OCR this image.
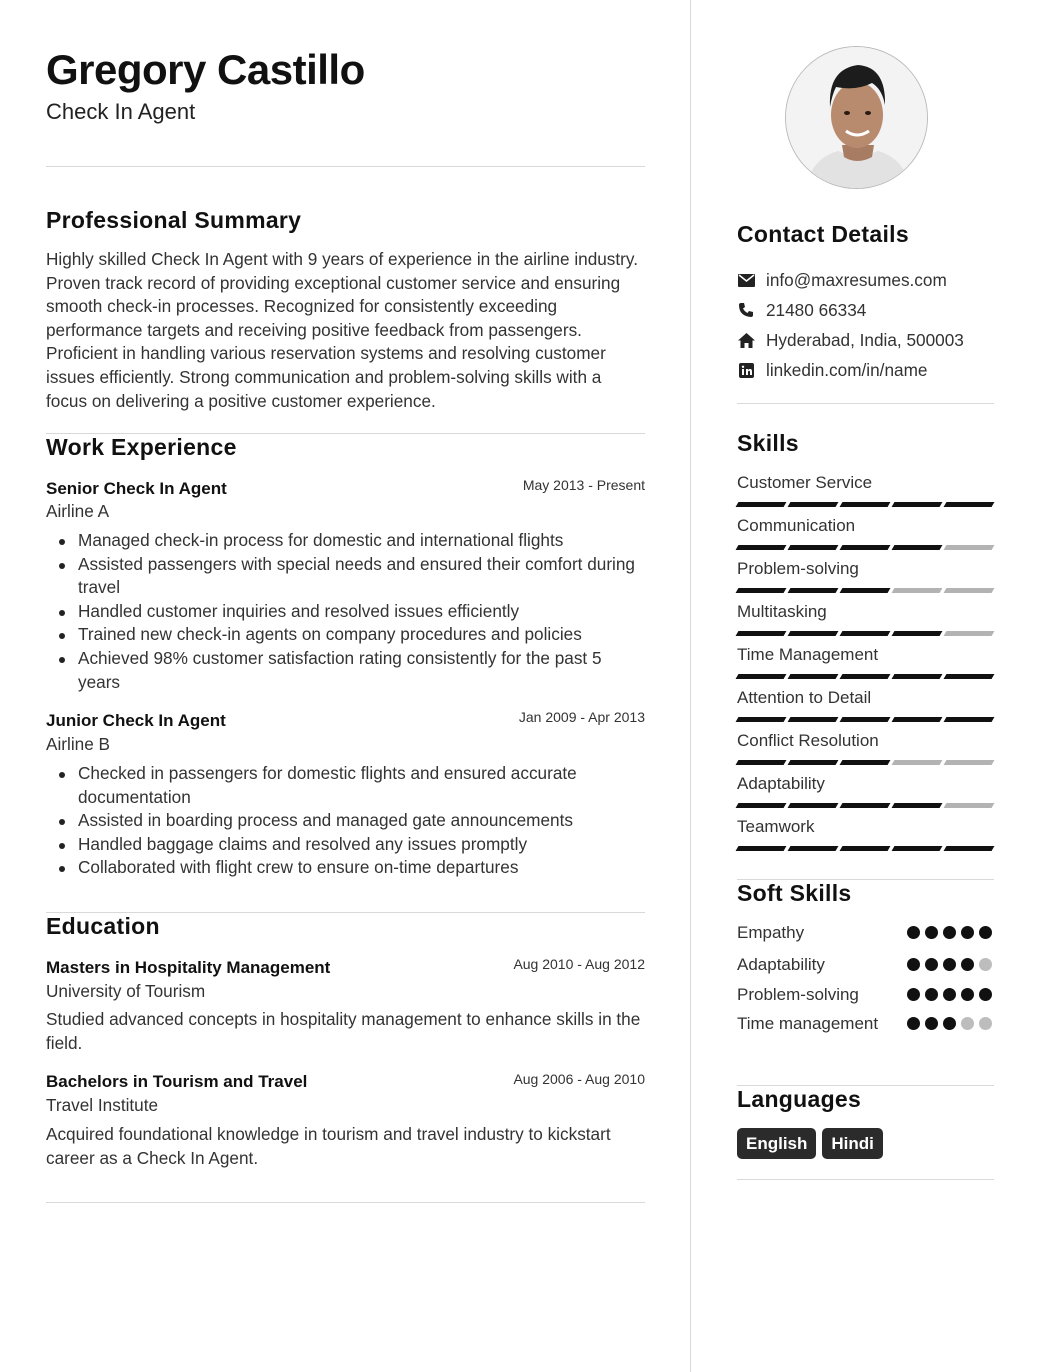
Gregory Castillo
Check In Agent
Professional Summary
Highly skilled Check In Agent with 9 years of experience in the airline industry. Proven track record of providing exceptional customer service and ensuring smooth check-in processes. Recognized for consistently exceeding performance targets and receiving positive feedback from passengers. Proficient in handling various reservation systems and resolving customer issues efficiently. Strong communication and problem-solving skills with a focus on delivering a positive customer experience.
Work Experience
Senior Check In Agent	May 2013 - Present
Airline A
Managed check-in process for domestic and international flights
Assisted passengers with special needs and ensured their comfort during travel
Handled customer inquiries and resolved issues efficiently
Trained new check-in agents on company procedures and policies
Achieved 98% customer satisfaction rating consistently for the past 5 years
Junior Check In Agent	Jan 2009 - Apr 2013
Airline B
Checked in passengers for domestic flights and ensured accurate documentation
Assisted in boarding process and managed gate announcements
Handled baggage claims and resolved any issues promptly
Collaborated with flight crew to ensure on-time departures
Education
Masters in Hospitality Management	Aug 2010 - Aug 2012
University of Tourism
Studied advanced concepts in hospitality management to enhance skills in the field.
Bachelors in Tourism and Travel	Aug 2006 - Aug 2010
Travel Institute
Acquired foundational knowledge in tourism and travel industry to kickstart career as a Check In Agent.
Contact Details
info@maxresumes.com
21480 66334
Hyderabad, India, 500003
linkedin.com/in/name
Skills
Customer Service
Communication
Problem-solving
Multitasking
Time Management
Attention to Detail
Conflict Resolution
Adaptability
Teamwork
Soft Skills
Empathy
Adaptability
Problem-solving
Time management
Languages
English	Hindi
